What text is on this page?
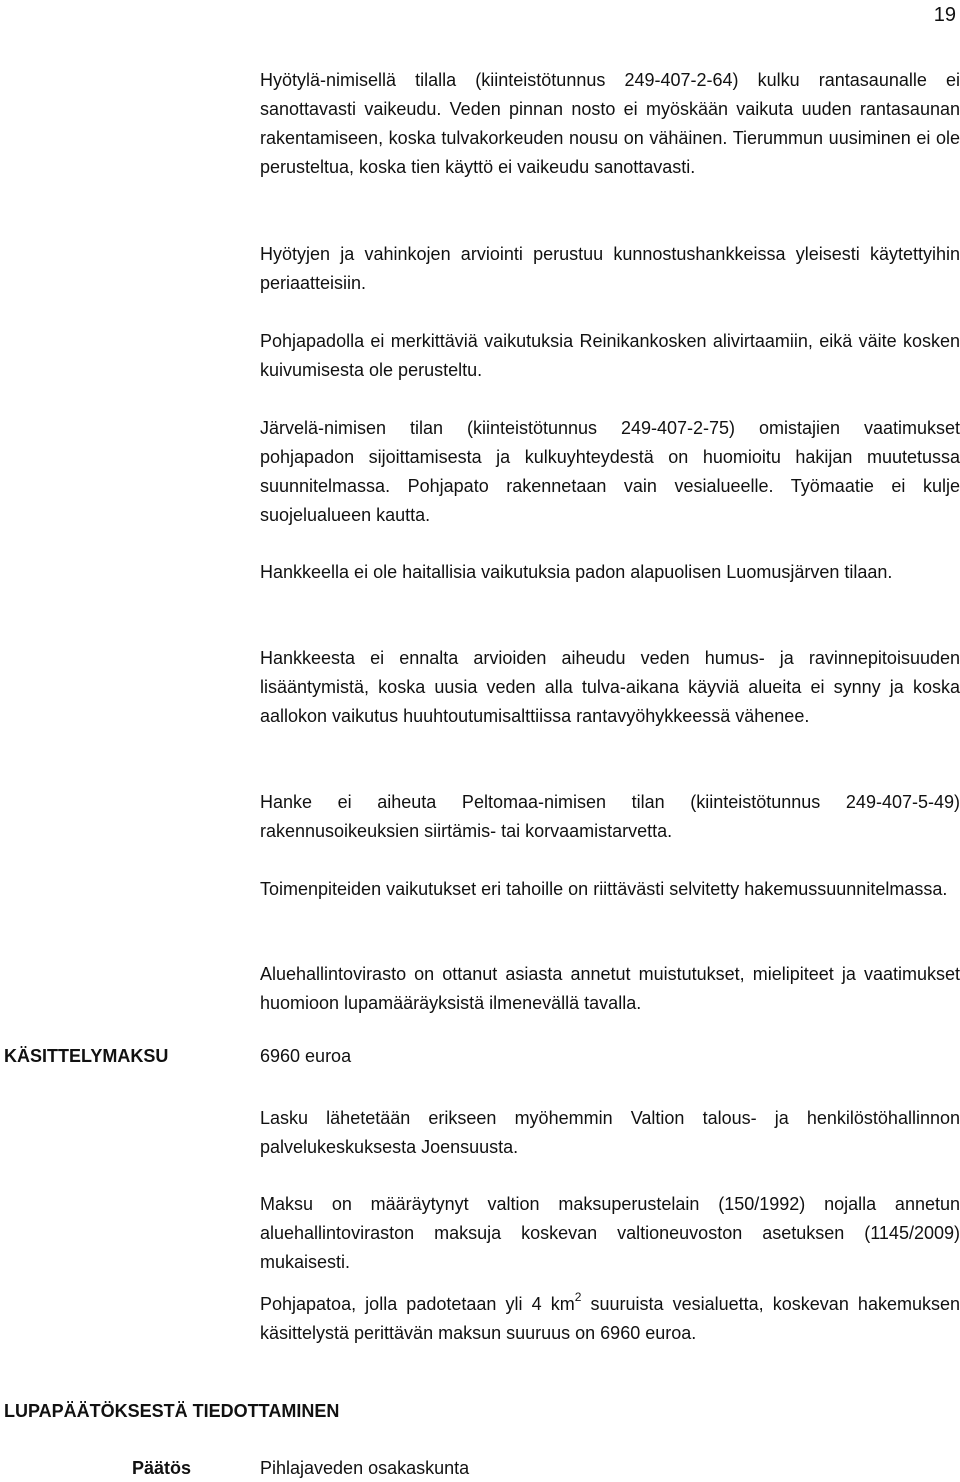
19

Hyötylä-nimisellä tilalla (kiinteistötunnus 249-407-2-64) kulku rantasaunalle ei sanottavasti vaikeudu. Veden pinnan nosto ei myöskään vaikuta uuden rantasaunan rakentamiseen, koska tulvakorkeuden nousu on vähäinen. Tierummun uusiminen ei ole perusteltua, koska tien käyttö ei vaikeudu sanottavasti.

Hyötyjen ja vahinkojen arviointi perustuu kunnostushankkeissa yleisesti käytettyihin periaatteisiin.

Pohjapadolla ei merkittäviä vaikutuksia Reinikankosken alivirtaamiin, eikä väite kosken kuivumisesta ole perusteltu.

Järvelä-nimisen tilan (kiinteistötunnus 249-407-2-75) omistajien vaatimukset pohjapadon sijoittamisesta ja kulkuyhteydestä on huomioitu hakijan muutetussa suunnitelmassa. Pohjapato rakennetaan vain vesialueelle. Työmaatie ei kulje suojelualueen kautta.

Hankkeella ei ole haitallisia vaikutuksia padon alapuolisen Luomusjärven tilaan.

Hankkeesta ei ennalta arvioiden aiheudu veden humus- ja ravinnepitoisuuden lisääntymistä, koska uusia veden alla tulva-aikana käyviä alueita ei synny ja koska aallokon vaikutus huuhtoutumisalttiissa rantavyöhykkeessä vähenee.

Hanke ei aiheuta Peltomaa-nimisen tilan (kiinteistötunnus 249-407-5-49) rakennusoikeuksien siirtämis- tai korvaamistarvetta.

Toimenpiteiden vaikutukset eri tahoille on riittävästi selvitetty hakemussuunnitelmassa.

Aluehallintovirasto on ottanut asiasta annetut muistutukset, mielipiteet ja vaatimukset huomioon lupamääräyksistä ilmenevällä tavalla.

KÄSITTELYMAKSU	6960 euroa

Lasku lähetetään erikseen myöhemmin Valtion talous- ja henkilöstöhallinnon palvelukeskuksesta Joensuusta.

Maksu on määräytynyt valtion maksuperustelain (150/1992) nojalla annetun aluehallintoviraston maksuja koskevan valtioneuvoston asetuksen (1145/2009) mukaisesti.

Pohjapatoa, jolla padotetaan yli 4 $km^2$ suuruista vesialuetta, koskevan hakemuksen käsittelystä perittävän maksun suuruus on 6960 euroa.

LUPAPÄÄTÖKSESTÄ TIEDOTTAMINEN

Päätös	Pihlajaveden osakaskunta
